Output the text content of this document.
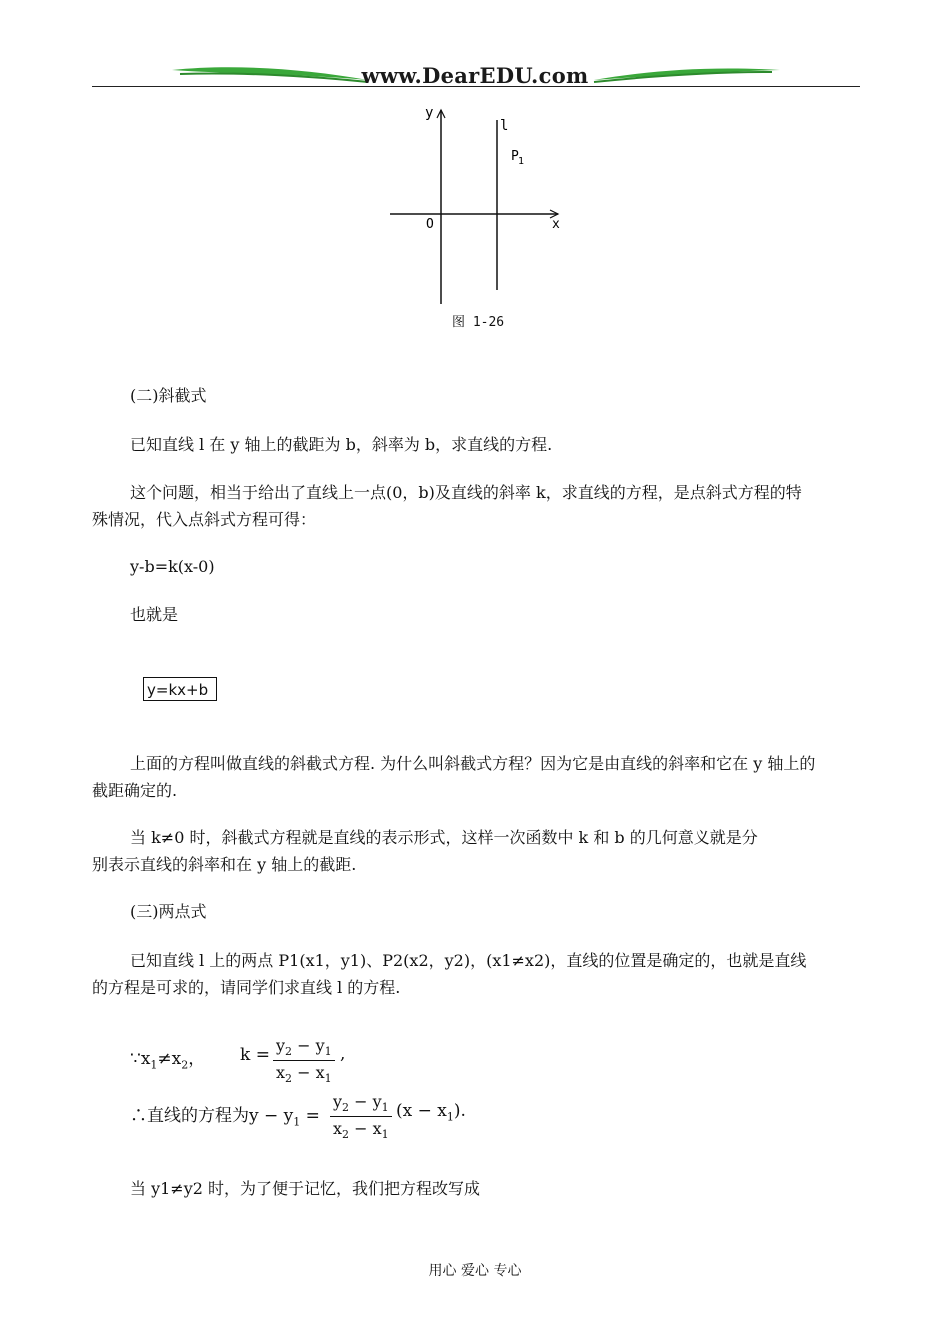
www.DearEDU.com
y
x
O
l
P 1
图 1-26
(二)斜截式
已知直线 l 在 y 轴上的截距为 b，斜率为 b，求直线的方程.
这个问题，相当于给出了直线上一点(0，b)及直线的斜率 k，求直线的方程，是点斜式方程的特
殊情况，代入点斜式方程可得：
y-b=k(x-0)
也就是
y=kx+b
上面的方程叫做直线的斜截式方程. 为什么叫斜截式方程？因为它是由直线的斜率和它在 y 轴上的
截距确定的.
当 k≠0 时，斜截式方程就是直线的表示形式，这样一次函数中 k 和 b 的几何意义就是分
别表示直线的斜率和在 y 轴上的截距.
(三)两点式
已知直线 l 上的两点 P1(x1，y1)、P2(x2，y2)，(x1≠x2)，直线的位置是确定的，也就是直线
的方程是可求的，请同学们求直线 l 的方程.
$\because x_1\ne x_2$， $k = y_2 - y_1$
$x_2 - x_1$
,
∴直线的方程为$y - y_1$ =
$y_2 - y_1$
$x_2 - x_1$
$(x - x_1)$.
当 y1≠y2 时，为了便于记忆，我们把方程改写成
用心 爱心 专心
